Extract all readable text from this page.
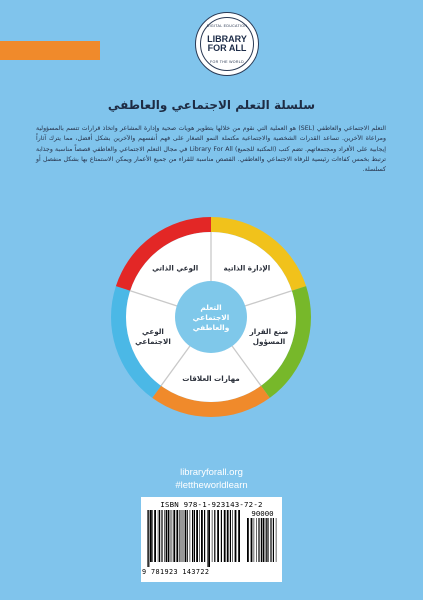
DIGITAL EDUCATION
LIBRARY
FOR ALL
FOR THE WORLD
سلسلة التعلم الاجتماعي والعاطفي
التعلم الاجتماعي والعاطفي (SEL) هو العملية التي نقوم من خلالها بتطوير هويات صحية وإدارة المشاعر واتخاذ قرارات تتسم بالمسؤولية ومراعاة الآخرين. تساعد القدرات الشخصية والاجتماعية مكتملة النمو الصغار على فهم أنفسهم والآخرين بشكل أفضل، مما يترك آثاراً إيجابية على الأفراد ومجتمعاتهم. تضم كتب (المكتبة للجميع) Library For All في مجال التعلم الاجتماعي والعاطفي قصصاً مناسبة وجذابة ترتبط بخمس كفاءات رئيسية للرفاه الاجتماعي والعاطفي. القصص مناسبة للقراء من جميع الأعمار ويمكن الاستمتاع بها بشكل منفصل أو كسلسلة.
الإدارة الذاتية
صنع القرار
المسؤول
مهارات العلاقات
الوعي
الاجتماعي
الوعي الذاتي
التعلم
الاجتماعي
والعاطفي
libraryforall.org
#lettheworldlearn
ISBN 978-1-923143-72-2
90000
9 781923 143722
